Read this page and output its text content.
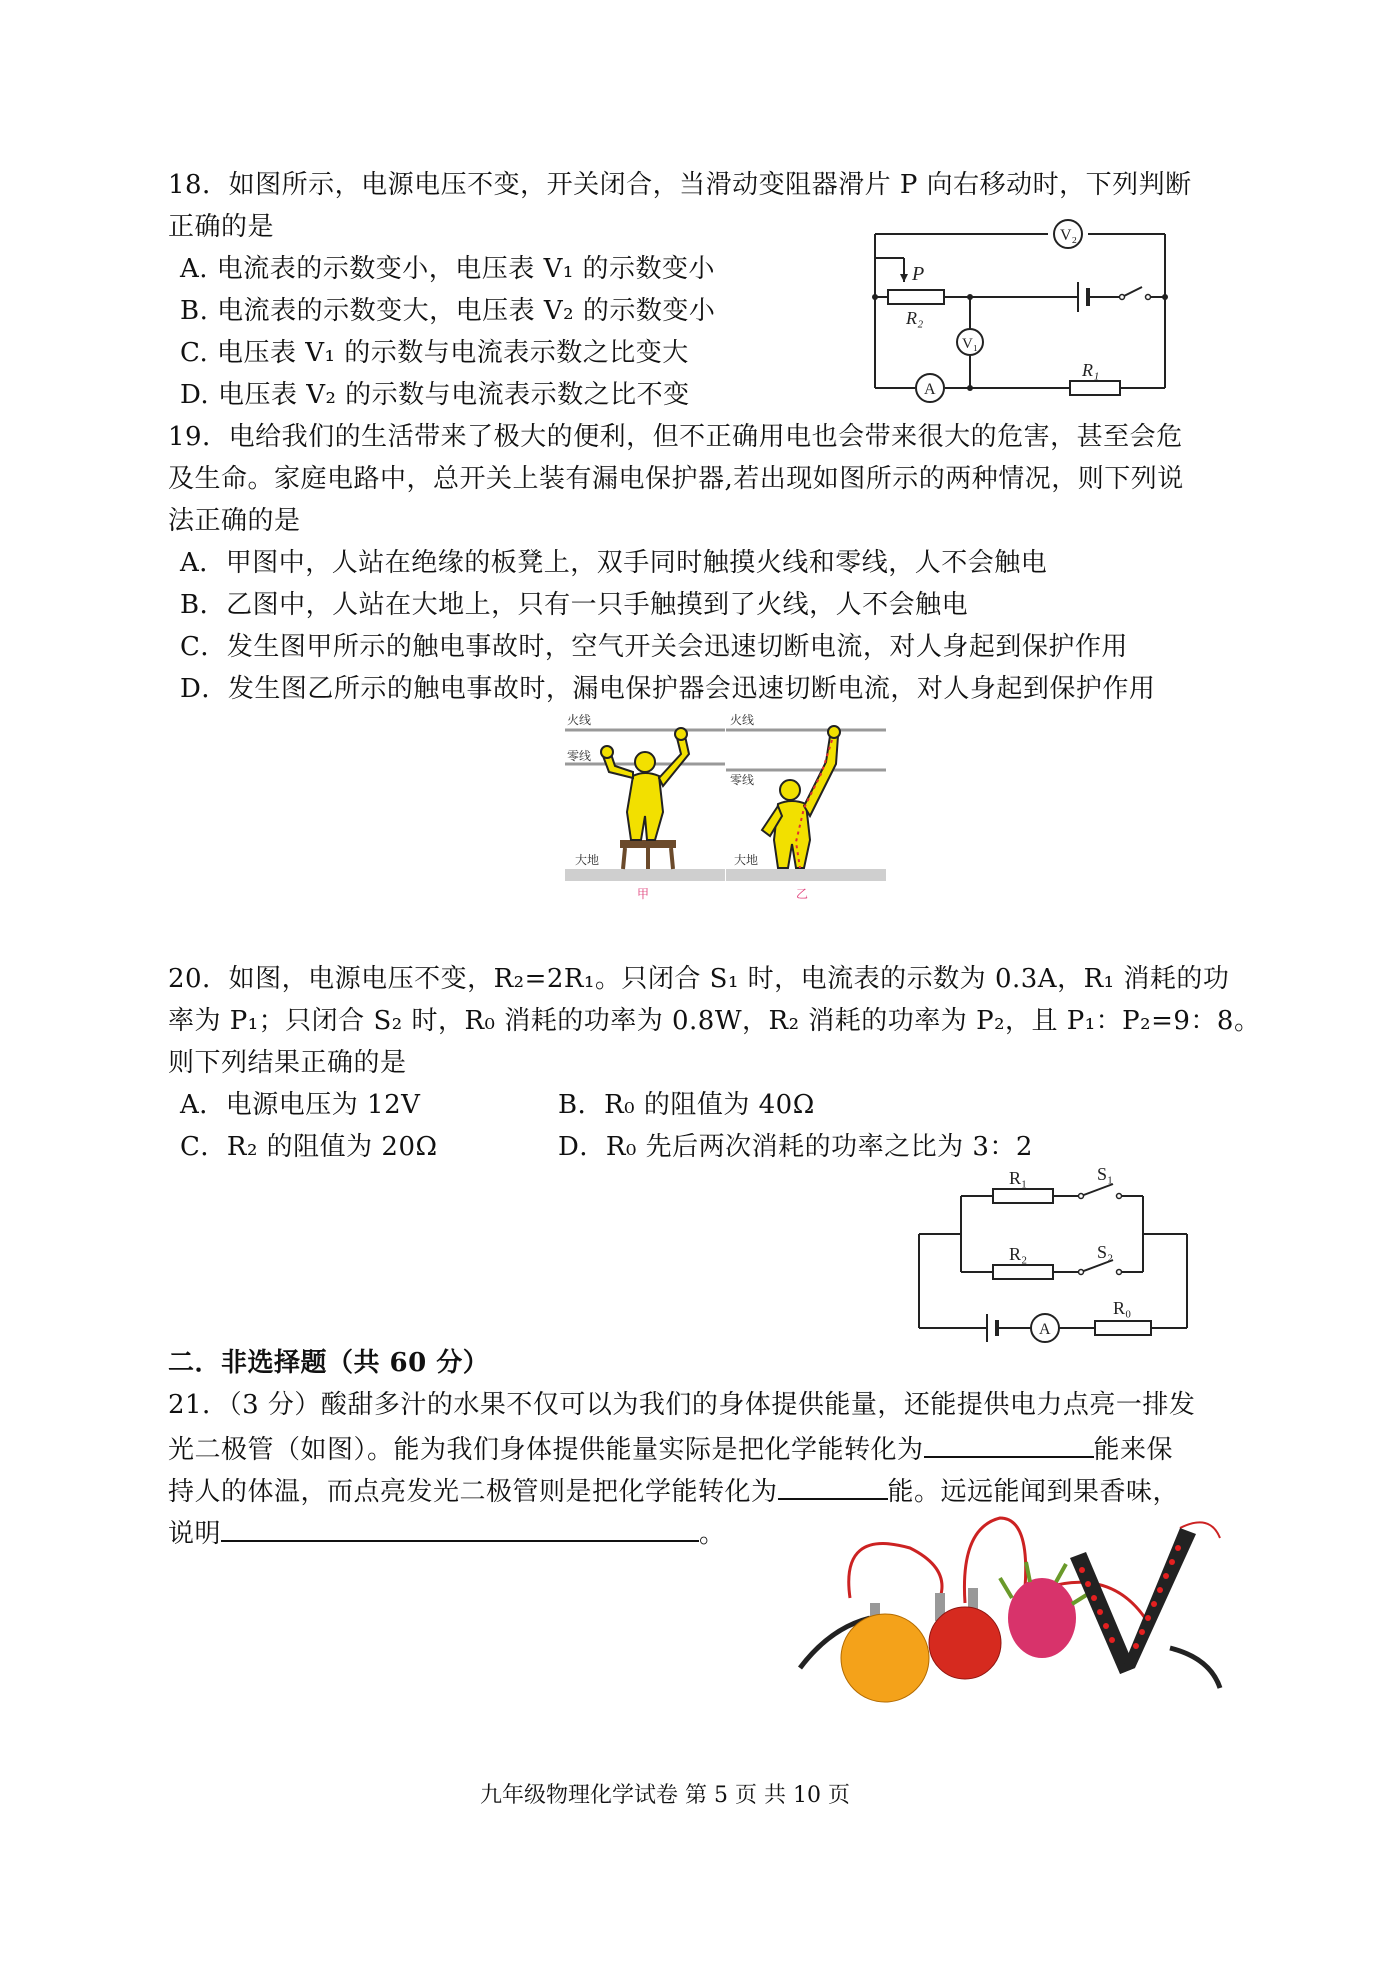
18．如图所示，电源电压不变，开关闭合，当滑动变阻器滑片 P 向右移动时，下列判断
正确的是
A. 电流表的示数变小，电压表 V₁ 的示数变小
B. 电流表的示数变大，电压表 V₂ 的示数变小
C. 电压表 V₁ 的示数与电流表示数之比变大
D. 电压表 V₂ 的示数与电流表示数之比不变
V₂
V₁
A
P
R₂
R₁
19．电给我们的生活带来了极大的便利，但不正确用电也会带来很大的危害，甚至会危
及生命。家庭电路中，总开关上装有漏电保护器,若出现如图所示的两种情况，则下列说
法正确的是
A．甲图中，人站在绝缘的板凳上，双手同时触摸火线和零线，人不会触电
B．乙图中，人站在大地上，只有一只手触摸到了火线，人不会触电
C．发生图甲所示的触电事故时，空气开关会迅速切断电流，对人身起到保护作用
D．发生图乙所示的触电事故时，漏电保护器会迅速切断电流，对人身起到保护作用
火线
零线
大地
甲
火线
零线
大地
乙
20．如图，电源电压不变，R₂=2R₁。只闭合 S₁ 时，电流表的示数为 0.3A，R₁ 消耗的功
率为 P₁；只闭合 S₂ 时，R₀ 消耗的功率为 0.8W，R₂ 消耗的功率为 P₂，且 P₁：P₂=9：8。
则下列结果正确的是
A．电源电压为 12V	B．R₀ 的阻值为 40Ω
C．R₂ 的阻值为 20Ω	D．R₀ 先后两次消耗的功率之比为 3：2
R₁	S₁
R₂	S₂
R₀
A
二．非选择题（共 60 分）
21．（3 分）酸甜多汁的水果不仅可以为我们的身体提供能量，还能提供电力点亮一排发
光二极管（如图）。能为我们身体提供能量实际是把化学能转化为	能来保
持人的体温，而点亮发光二极管则是把化学能转化为	能。远远能闻到果香味，
说明	。
九年级物理化学试卷 第 5 页 共 10 页
